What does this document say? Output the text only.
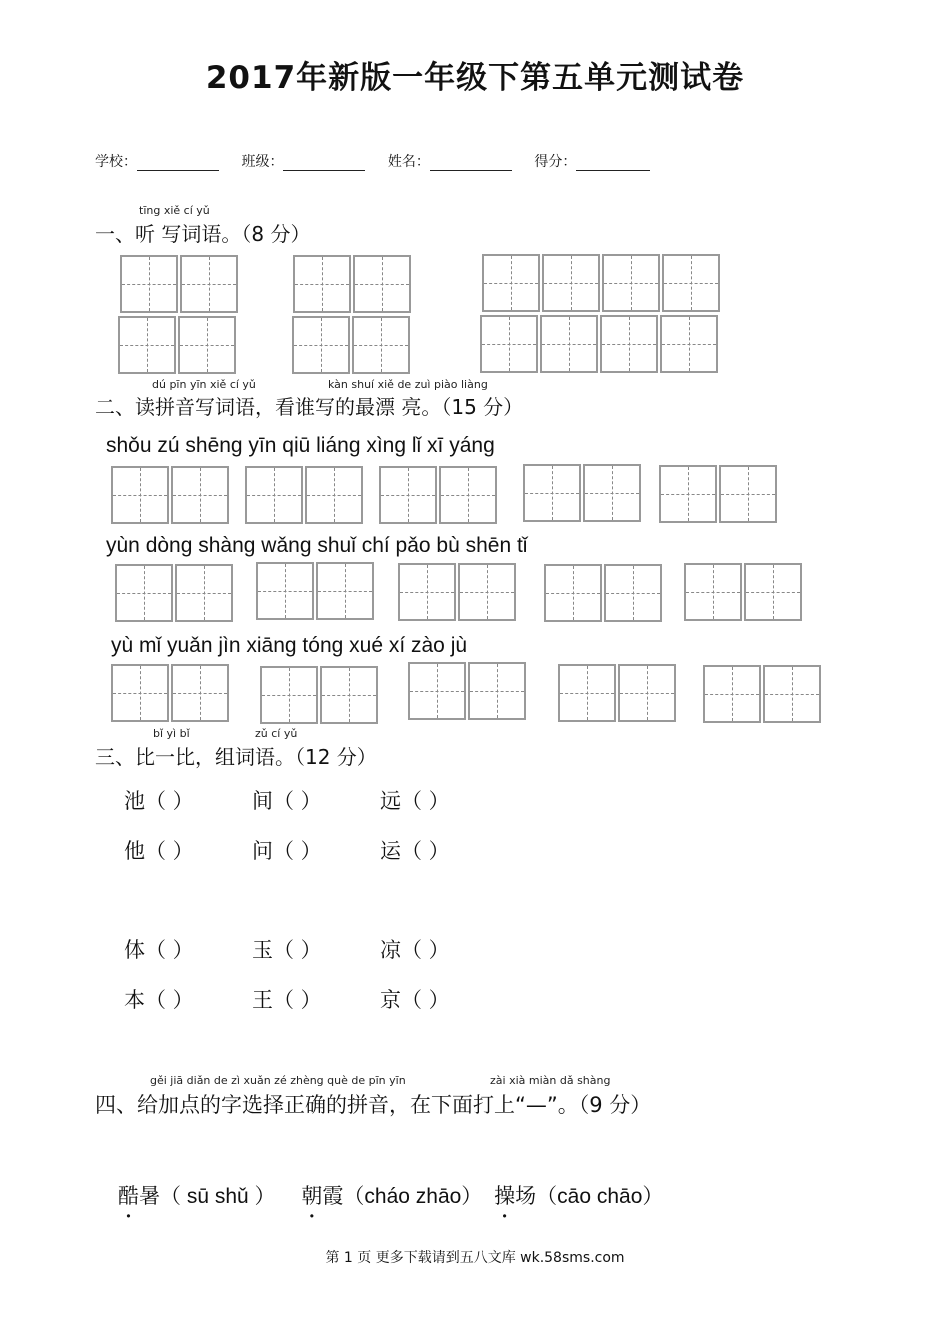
2017年新版一年级下第五单元测试卷
学校：	班级：	姓名：	得分：
tīng xiě cí yǔ
一、听 写词语。（8 分）
dú pīn yīn xiě cí yǔ	kàn shuí xiě de zuì piào liàng
二、读拼音写词语，看谁写的最漂 亮。（15 分）
shǒu zú shēng yīn qiū liáng xìng lǐ xī yáng
yùn dòng shàng wǎng shuǐ chí pǎo bù shēn tǐ
yù mǐ yuǎn jìn xiāng tóng xué xí zào jù
bǐ yì bǐ	zǔ cí yǔ
三、比一比，组词语。（12 分）
池（ ）	间（ ）	远（ ）
他（ ）	问（ ）	运（ ）
体（ ）	玉（ ）	凉（ ）
本（ ）	王（ ）	京（ ）
gěi jiā diǎn de zì xuǎn zé zhèng què de pīn yīn	zài xià miàn dǎ shàng
四、给加点的字选择正确的拼音，在下面打上“—”。（9 分）
酷暑（ sū shǔ ） 朝霞（cháo zhāo） 操场（cāo chāo）
第 1 页 更多下载请到五八文库 wk.58sms.com
